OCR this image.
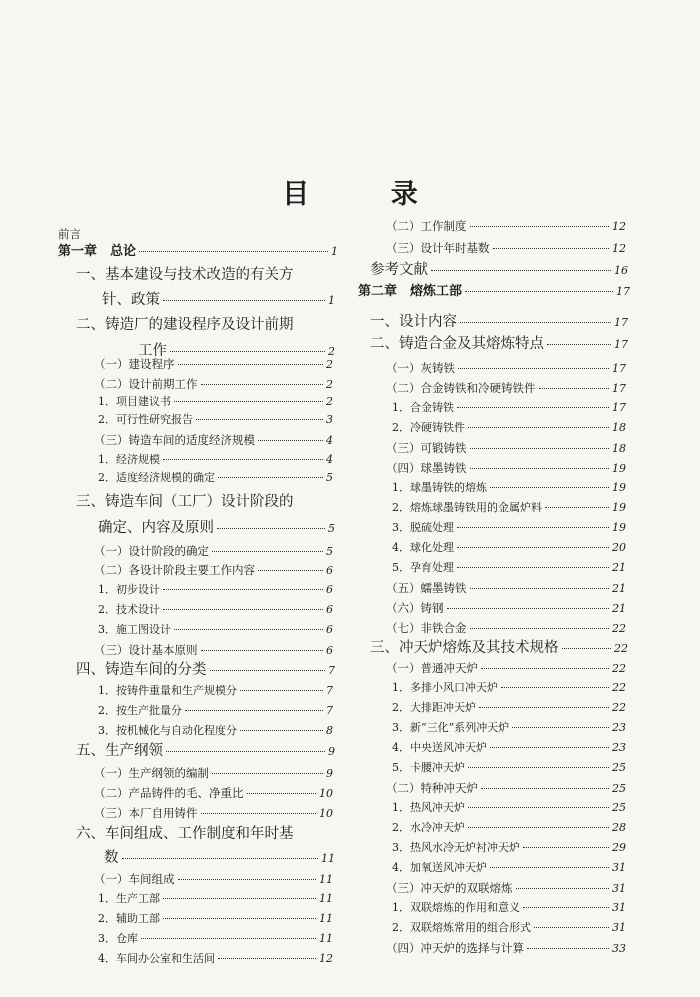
目 录
前言
第一章　总论	1
一、基本建设与技术改造的有关方
针、政策	1
二、铸造厂的建设程序及设计前期
工作	2
（一）建设程序	2
（二）设计前期工作	2
1．项目建议书	2
2．可行性研究报告	3
（三）铸造车间的适度经济规模	4
1．经济规模	4
2．适度经济规模的确定	5
三、铸造车间（工厂）设计阶段的
确定、内容及原则	5
（一）设计阶段的确定	5
（二）各设计阶段主要工作内容	6
1．初步设计	6
2．技术设计	6
3．施工图设计	6
（三）设计基本原则	6
四、铸造车间的分类	7
1．按铸件重量和生产规模分	7
2．按生产批量分	7
3．按机械化与自动化程度分	8
五、生产纲领	9
（一）生产纲领的编制	9
（二）产品铸件的毛、净重比	10
（三）本厂自用铸件	10
六、车间组成、工作制度和年时基
数	11
（一）车间组成	11
1．生产工部	11
2．辅助工部	11
3．仓库	11
4．车间办公室和生活间	12
（二）工作制度	12
（三）设计年时基数	12
参考文献	16
第二章　熔炼工部	17
一、设计内容	17
二、铸造合金及其熔炼特点	17
（一）灰铸铁	17
（二）合金铸铁和冷硬铸铁件	17
1．合金铸铁	17
2．冷硬铸铁件	18
（三）可锻铸铁	18
（四）球墨铸铁	19
1．球墨铸铁的熔炼	19
2．熔炼球墨铸铁用的金属炉料	19
3．脱硫处理	19
4．球化处理	20
5．孕育处理	21
（五）蠕墨铸铁	21
（六）铸钢	21
（七）非铁合金	22
三、冲天炉熔炼及其技术规格	22
（一）普通冲天炉	22
1．多排小风口冲天炉	22
2．大排距冲天炉	22
3．新“三化”系列冲天炉	23
4．中央送风冲天炉	23
5．卡腰冲天炉	25
（二）特种冲天炉	25
1．热风冲天炉	25
2．水冷冲天炉	28
3．热风水冷无炉衬冲天炉	29
4．加氧送风冲天炉	31
（三）冲天炉的双联熔炼	31
1．双联熔炼的作用和意义	31
2．双联熔炼常用的组合形式	31
（四）冲天炉的选择与计算	33
